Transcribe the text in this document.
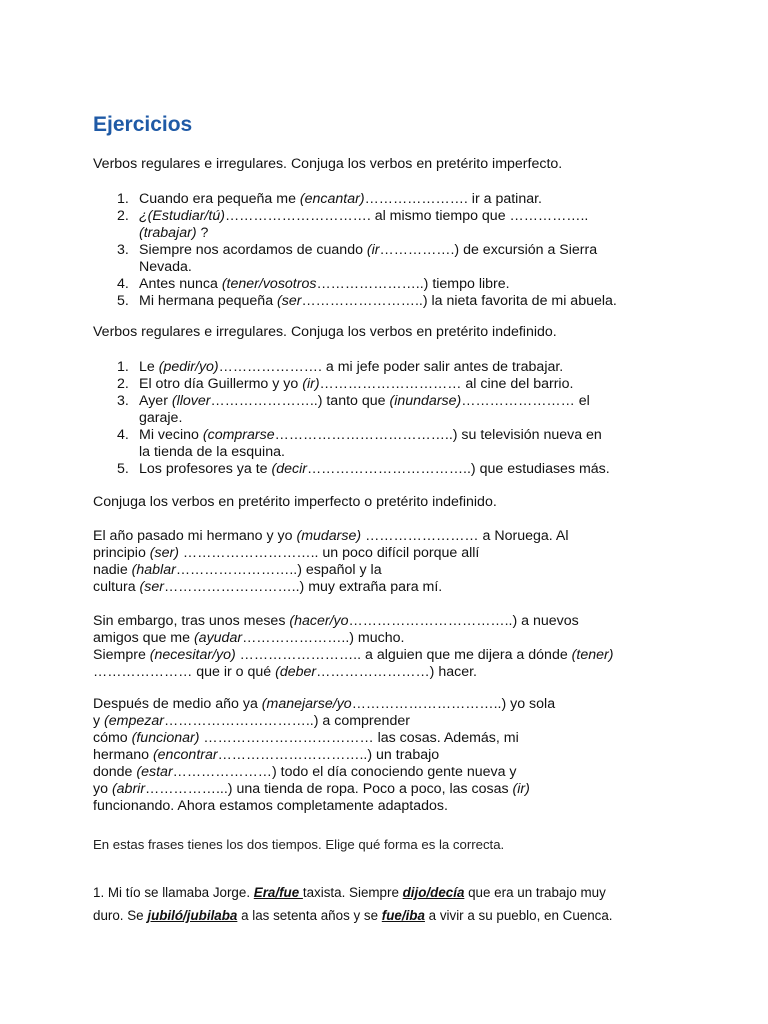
Ejercicios
Verbos regulares e irregulares. Conjuga los verbos en pretérito imperfecto.
1. Cuando era pequeña me (encantar)…………………. ir a patinar.
2. ¿(Estudiar/tú)…………………………. al mismo tiempo que ……………..
(trabajar) ?
3. Siempre nos acordamos de cuando (ir…………….) de excursión a Sierra
Nevada.
4. Antes nunca (tener/vosotros…………………..) tiempo libre.
5. Mi hermana pequeña (ser……………………..) la nieta favorita de mi abuela.
Verbos regulares e irregulares. Conjuga los verbos en pretérito indefinido.
1. Le (pedir/yo)…………………. a mi jefe poder salir antes de trabajar.
2. El otro día Guillermo y yo (ir)………………………… al cine del barrio.
3. Ayer (llover…………………..) tanto que (inundarse)…………………… el
garaje.
4. Mi vecino (comprarse………………………………..) su televisión nueva en
la tienda de la esquina.
5. Los profesores ya te (decir……………………………..) que estudiases más.
Conjuga los verbos en pretérito imperfecto o pretérito indefinido.
El año pasado mi hermano y yo (mudarse) …………………… a Noruega. Al
principio (ser) ……………………….. un poco difícil porque allí
nadie (hablar……………………..) español y la
cultura (ser………………………..) muy extraña para mí.
Sin embargo, tras unos meses (hacer/yo……………………………..) a nuevos
amigos que me (ayudar…………………..) mucho.
Siempre (necesitar/yo) …………………….. a alguien que me dijera a dónde (tener)
………………… que ir o qué (deber……………………) hacer.
Después de medio año ya (manejarse/yo…………………………..) yo sola
y (empezar…………………………..) a comprender
cómo (funcionar) ……………………………… las cosas. Además, mi
hermano (encontrar…………………………..) un trabajo
donde (estar…………………) todo el día conociendo gente nueva y
yo (abrir……………...) una tienda de ropa. Poco a poco, las cosas (ir)
funcionando. Ahora estamos completamente adaptados.
En estas frases tienes los dos tiempos. Elige qué forma es la correcta.
1. Mi tío se llamaba Jorge. Era/fue taxista. Siempre dijo/decía que era un trabajo muy
duro. Se jubiló/jubilaba a las setenta años y se fue/iba a vivir a su pueblo, en Cuenca.
